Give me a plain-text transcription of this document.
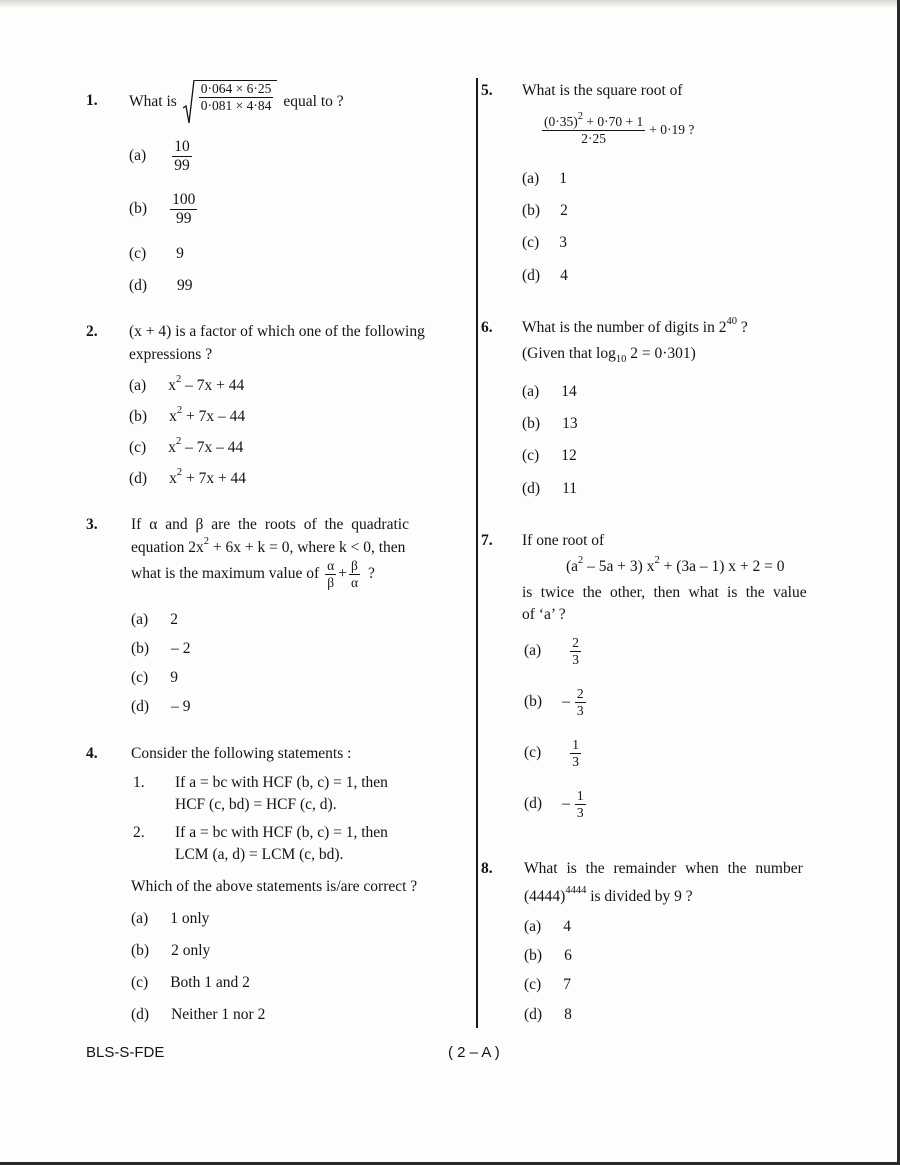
1. What is $\frac{0\cdot 064 \times 6\cdot 25}{0\cdot 081 \times 4\cdot 84}$ equal to ?
$(a) \frac{10}{99}$
$(b) \frac{100}{99}$
(c) 9
(d) 99
2. (x + 4) is a factor of which one of the following
expressions ?
(a) $x^2 - 7x + 44$
(b) $x^2 + 7x - 44$
(c) $x^2 - 7x - 44$
(d) $x^2 + 7x + 44$
3. If α and β are the roots of the quadratic
equation $2x^2 + 6x + k = 0$, where k < 0, then
what is the maximum value of $\frac{\alpha}{\beta} + \frac{\beta}{\alpha}$ ?
(a) 2
(b) – 2
(c) 9
(d) – 9
4. Consider the following statements :
1. If a = bc with HCF (b, c) = 1, then
HCF (c, bd) = HCF (c, d).
2. If a = bc with HCF (b, c) = 1, then
LCM (a, d) = LCM (c, bd).
Which of the above statements is/are correct ?
(a) 1 only
(b) 2 only
(c) Both 1 and 2
(d) Neither 1 nor 2
5. What is the square root of
$\frac{(0\cdot 35)^2 + 0\cdot 70 + 1}{2\cdot 25} + 0\cdot 19$ ?
(a) 1
(b) 2
(c) 3
(d) 4
6. What is the number of digits in $2^{40}$ ?
(Given that $\log_{10} 2 = 0\cdot 301$)
(a) 14
(b) 13
(c) 12
(d) 11
7. If one root of
$(a^2 - 5a + 3) x^2 + (3a - 1) x + 2 = 0$
is twice the other, then what is the value
of ‘a’ ?
$(a) \frac{2}{3}$
$(b) - \frac{2}{3}$
$(c) \frac{1}{3}$
$(d) - \frac{1}{3}$
8. What is the remainder when the number
$(4444)^{4444}$ is divided by 9 ?
(a) 4
(b) 6
(c) 7
(d) 8
BLS-S-FDE	( 2 – A )
